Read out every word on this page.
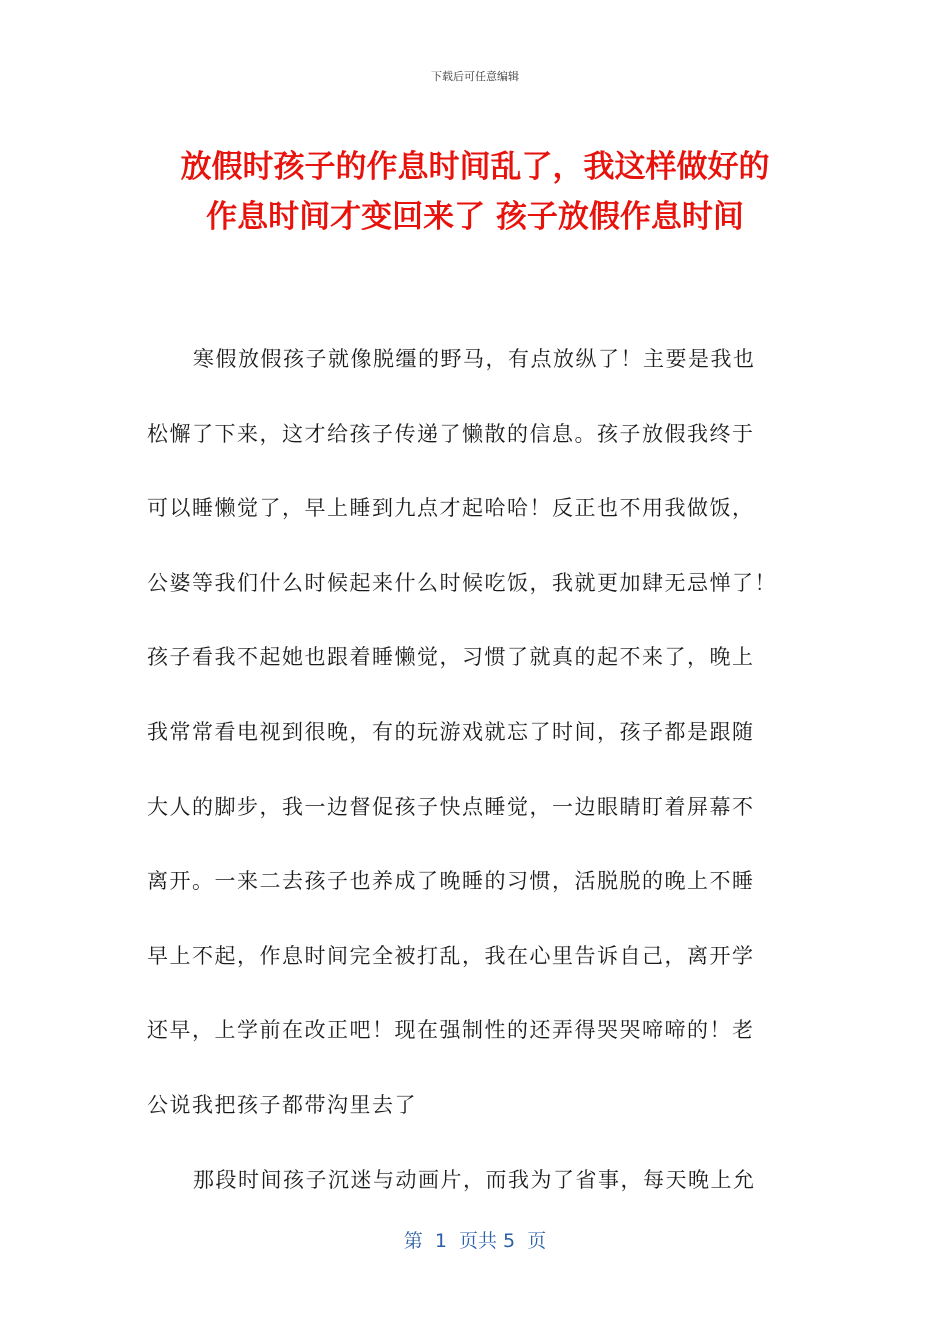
下载后可任意编辑
放假时孩子的作息时间乱了，我这样做好的
作息时间才变回来了 孩子放假作息时间
寒假放假孩子就像脱缰的野马，有点放纵了！主要是我也
松懈了下来，这才给孩子传递了懒散的信息。孩子放假我终于
可以睡懒觉了，早上睡到九点才起哈哈！反正也不用我做饭，
公婆等我们什么时候起来什么时候吃饭，我就更加肆无忌惮了！
孩子看我不起她也跟着睡懒觉，习惯了就真的起不来了，晚上
我常常看电视到很晚，有的玩游戏就忘了时间，孩子都是跟随
大人的脚步，我一边督促孩子快点睡觉，一边眼睛盯着屏幕不
离开。一来二去孩子也养成了晚睡的习惯，活脱脱的晚上不睡
早上不起，作息时间完全被打乱，我在心里告诉自己，离开学
还早，上学前在改正吧！现在强制性的还弄得哭哭啼啼的！老
公说我把孩子都带沟里去了
那段时间孩子沉迷与动画片，而我为了省事，每天晚上允
第  1  页共 5  页
